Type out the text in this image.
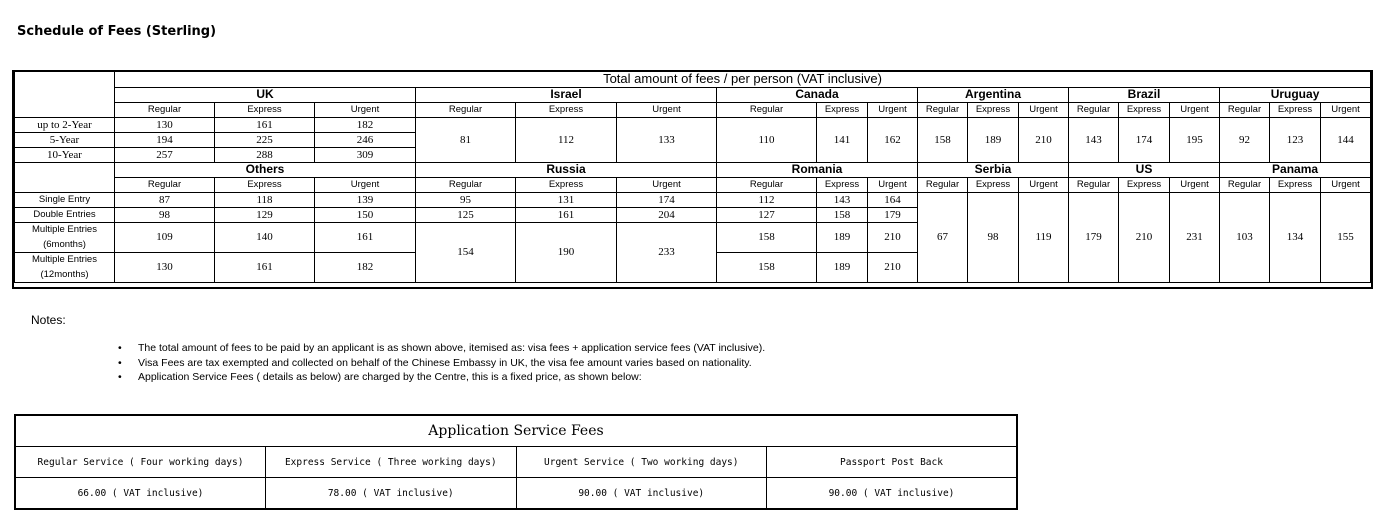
Schedule of Fees (Sterling)
	Total amount of fees / per person (VAT inclusive)																	
	UK			Israel			Canada			Argentina			Brazil			Uruguay		
	Regular	Express	Urgent	Regular	Express	Urgent	Regular	Express	Urgent	Regular	Express	Urgent	Regular	Express	Urgent	Regular	Express	Urgent
up to 2-Year	130	161	182	81	112	133	110	141	162	158	189	210	143	174	195	92	123	144
5-Year	194	225	246															
10-Year	257	288	309															
	Others			Russia			Romania			Serbia			US			Panama		
	Regular	Express	Urgent	Regular	Express	Urgent	Regular	Express	Urgent	Regular	Express	Urgent	Regular	Express	Urgent	Regular	Express	Urgent
Single Entry	87	118	139	95	131	174	112	143	164	67	98	119	179	210	231	103	134	155
Double Entries	98	129	150	125	161	204	127	158	179									
Multiple Entries	109	140	161	154	190	233	158	189	210									
(6months)																		
Multiple Entries	130	161	182				158	189	210									
(12months)																		
Notes:
• The total amount of fees to be paid by an applicant is as shown above, itemised as: visa fees + application service fees (VAT inclusive).
• Visa Fees are tax exempted and collected on behalf of the Chinese Embassy in UK, the visa fee amount varies based on nationality.
• Application Service Fees ( details as below) are charged by the Centre, this is a fixed price, as shown below:
Application Service Fees			
Regular Service ( Four working days)	Express Service ( Three working days)	Urgent Service ( Two working days)	Passport Post Back
66.00 ( VAT inclusive)	78.00 ( VAT inclusive)	90.00 ( VAT inclusive)	90.00 ( VAT inclusive)
